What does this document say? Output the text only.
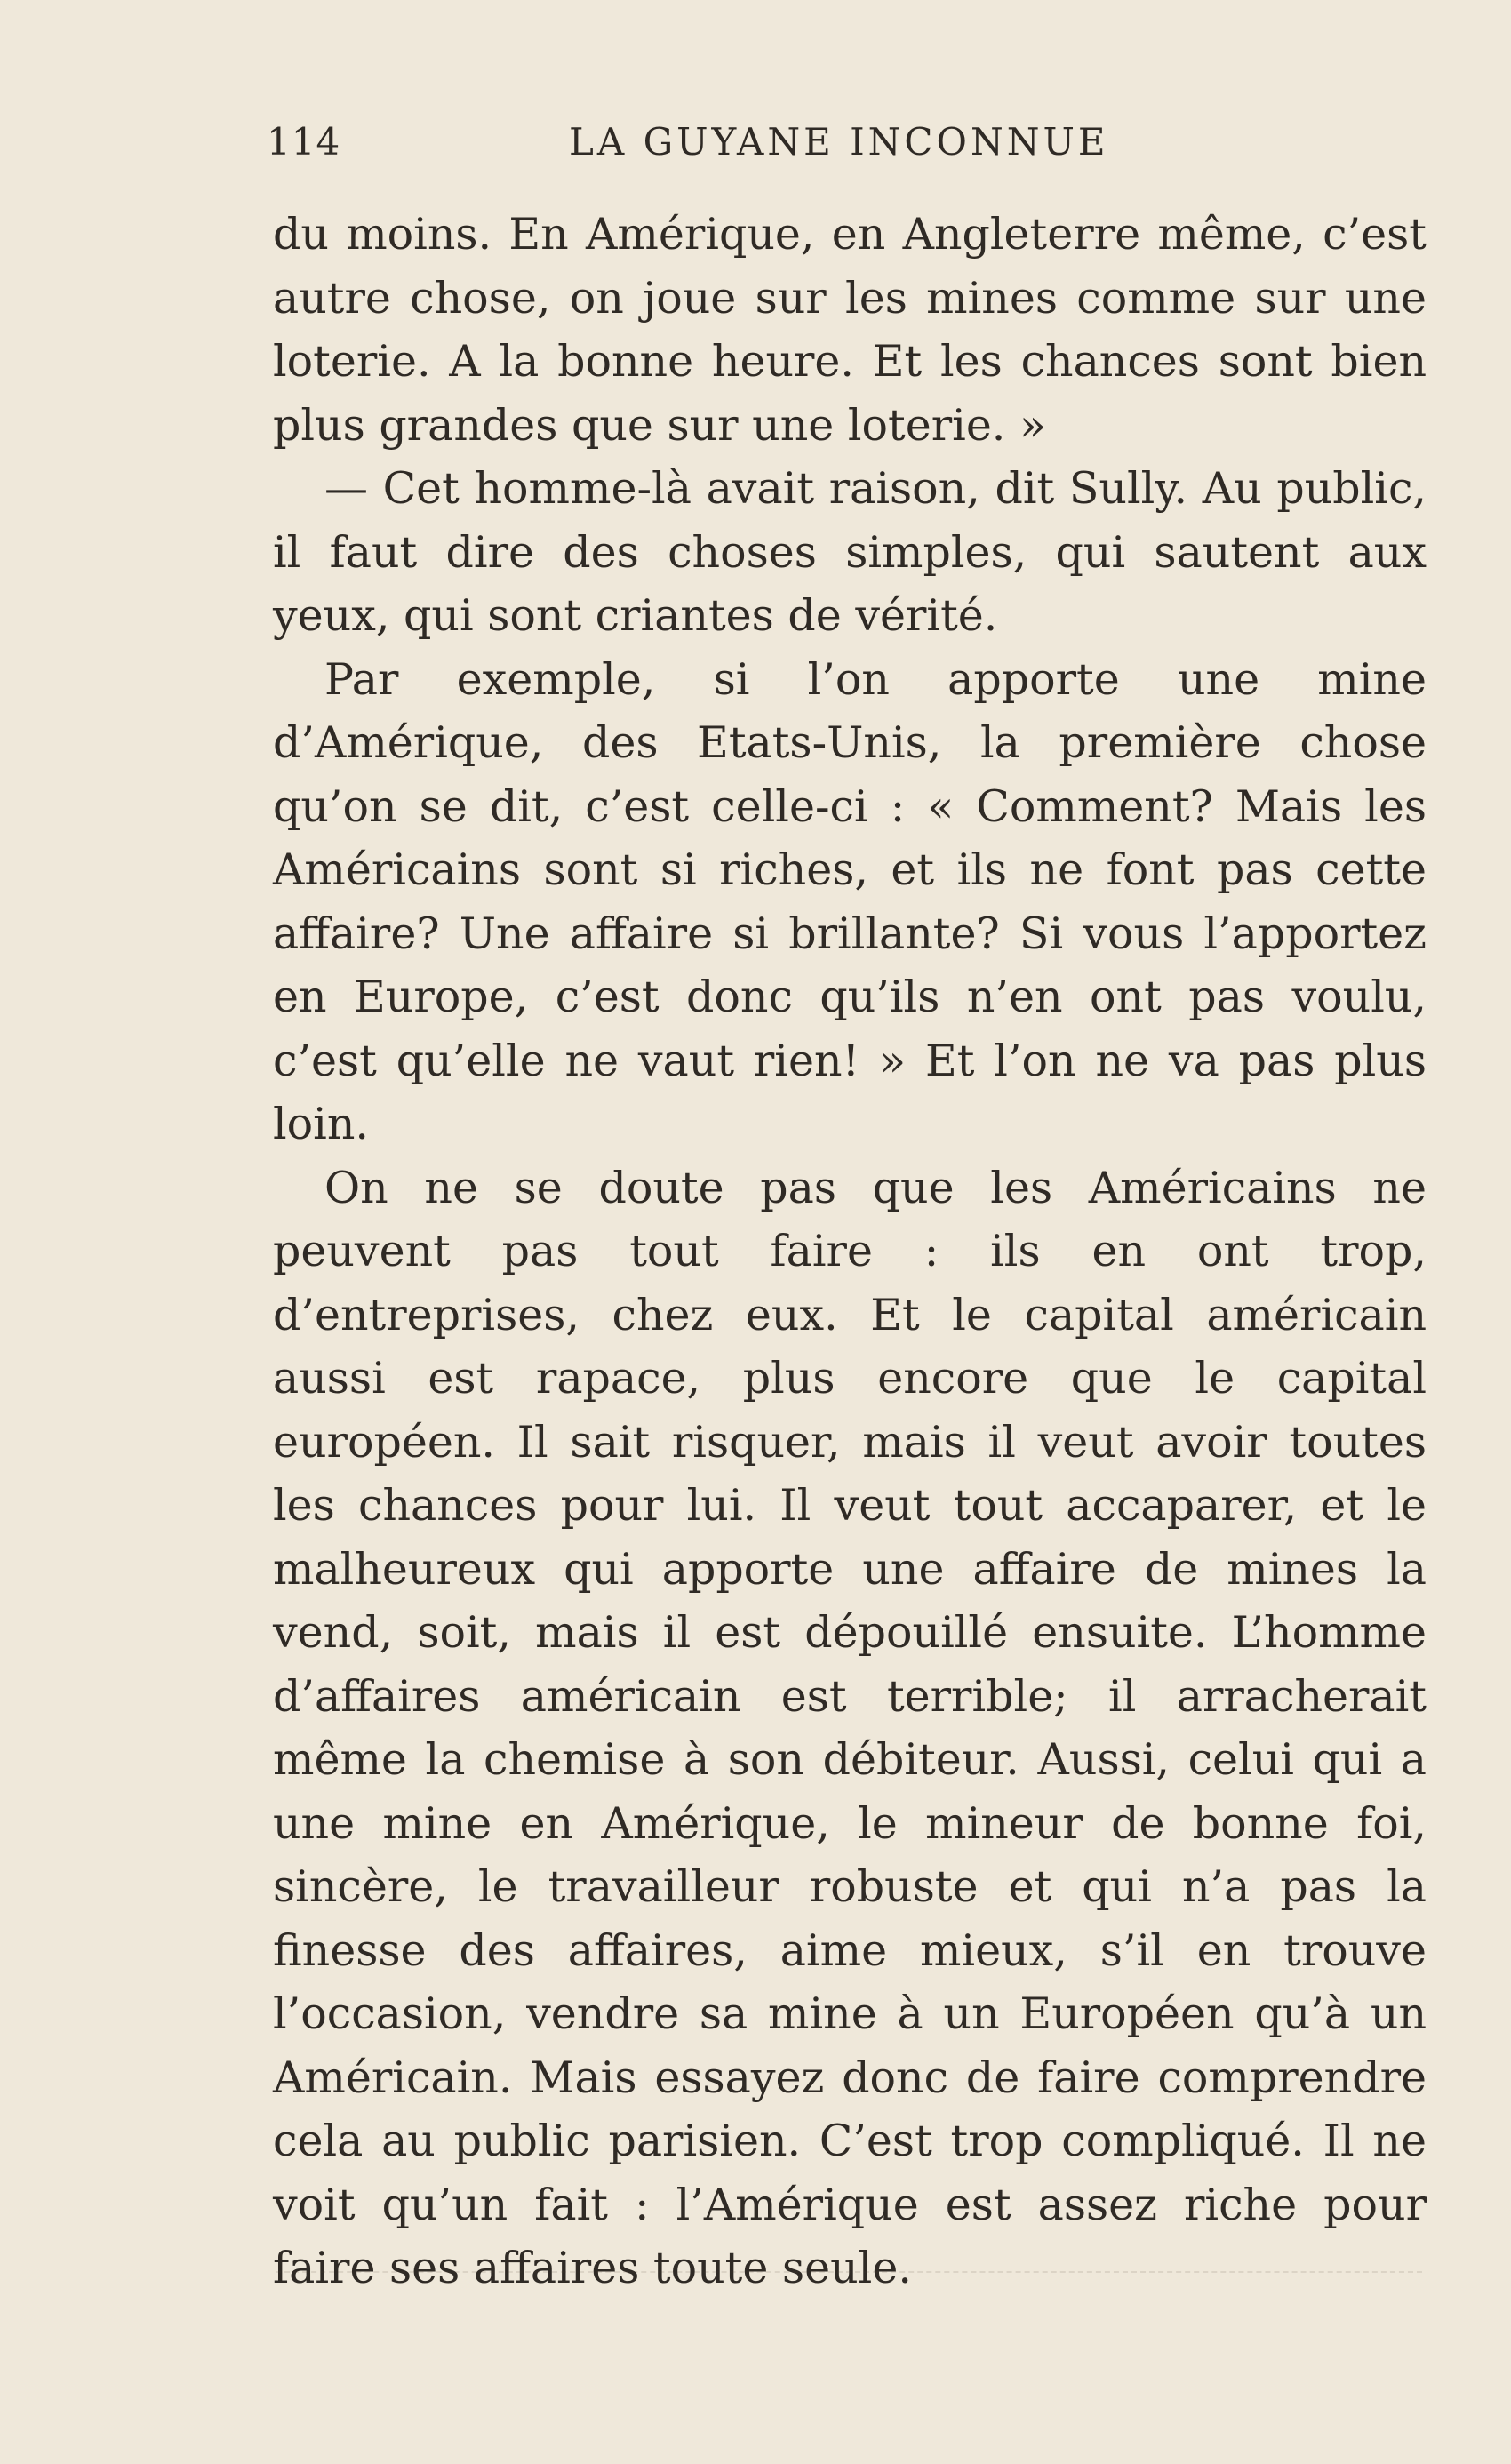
114	LA GUYANE INCONNUE

du moins. En Amérique, en Angleterre même, c’est autre chose, on joue sur les mines comme sur une loterie. A la bonne heure. Et les chances sont bien plus grandes que sur une loterie. »

— Cet homme-là avait raison, dit Sully. Au public, il faut dire des choses simples, qui sautent aux yeux, qui sont criantes de vérité.

Par exemple, si l’on apporte une mine d’Amérique, des Etats-Unis, la première chose qu’on se dit, c’est celle-ci : « Comment? Mais les Américains sont si riches, et ils ne font pas cette affaire? Une affaire si brillante? Si vous l’apportez en Europe, c’est donc qu’ils n’en ont pas voulu, c’est qu’elle ne vaut rien! » Et l’on ne va pas plus loin.

On ne se doute pas que les Américains ne peuvent pas tout faire : ils en ont trop, d’entreprises, chez eux. Et le capital américain aussi est rapace, plus encore que le capital européen. Il sait risquer, mais il veut avoir toutes les chances pour lui. Il veut tout accaparer, et le malheureux qui apporte une affaire de mines la vend, soit, mais il est dépouillé ensuite. L’homme d’affaires américain est terrible; il arracherait même la chemise à son débiteur. Aussi, celui qui a une mine en Amérique, le mineur de bonne foi, sincère, le travailleur robuste et qui n’a pas la finesse des affaires, aime mieux, s’il en trouve l’occasion, vendre sa mine à un Européen qu’à un Américain. Mais essayez donc de faire comprendre cela au public parisien. C’est trop compliqué. Il ne voit qu’un fait : l’Amérique est assez riche pour faire ses affaires toute seule.
